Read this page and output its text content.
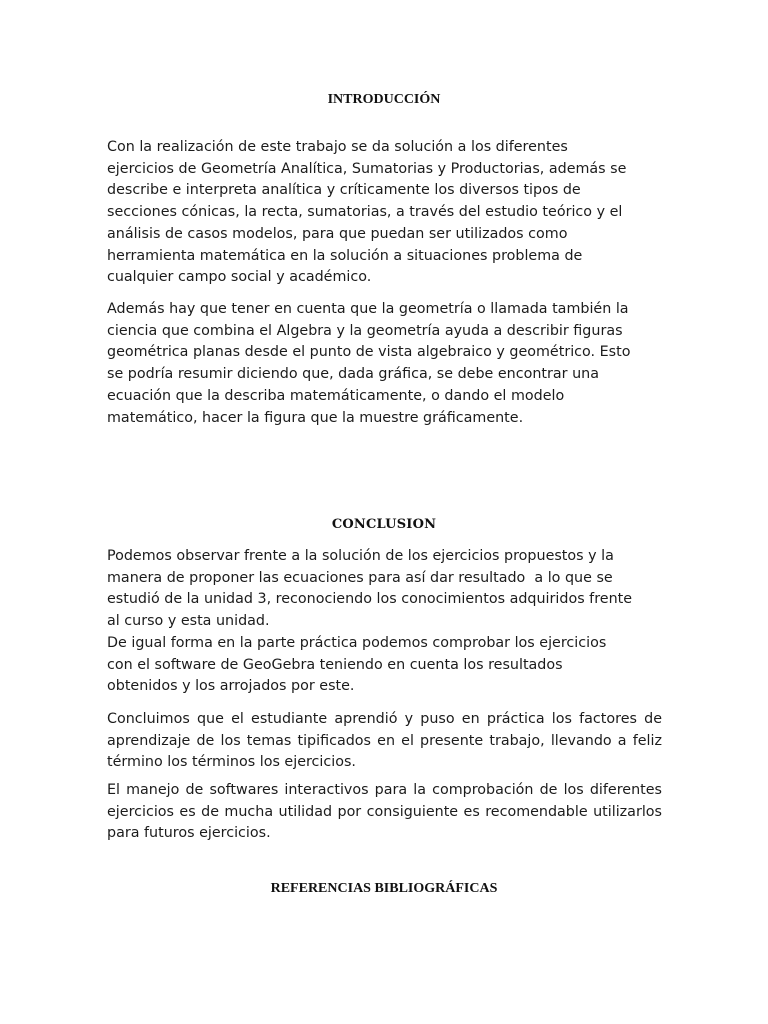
INTRODUCCIÓN

Con la realización de este trabajo se da solución a los diferentes
ejercicios de Geometría Analítica, Sumatorias y Productorias, además se
describe e interpreta analítica y críticamente los diversos tipos de
secciones cónicas, la recta, sumatorias, a través del estudio teórico y el
análisis de casos modelos, para que puedan ser utilizados como
herramienta matemática en la solución a situaciones problema de
cualquier campo social y académico.

Además hay que tener en cuenta que la geometría o llamada también la
ciencia que combina el Algebra y la geometría ayuda a describir figuras
geométrica planas desde el punto de vista algebraico y geométrico. Esto
se podría resumir diciendo que, dada gráfica, se debe encontrar una
ecuación que la describa matemáticamente, o dando el modelo
matemático, hacer la figura que la muestre gráficamente.

CONCLUSION

Podemos observar frente a la solución de los ejercicios propuestos y la
manera de proponer las ecuaciones para así dar resultado  a lo que se
estudió de la unidad 3, reconociendo los conocimientos adquiridos frente
al curso y esta unidad.
De igual forma en la parte práctica podemos comprobar los ejercicios
con el software de GeoGebra teniendo en cuenta los resultados
obtenidos y los arrojados por este.

Concluimos que el estudiante aprendió y puso en práctica los factores de aprendizaje de los temas tipificados en el presente trabajo, llevando a feliz término los términos los ejercicios.

El manejo de softwares interactivos para la comprobación de los diferentes ejercicios es de mucha utilidad por consiguiente es recomendable utilizarlos para futuros ejercicios.

REFERENCIAS BIBLIOGRÁFICAS
